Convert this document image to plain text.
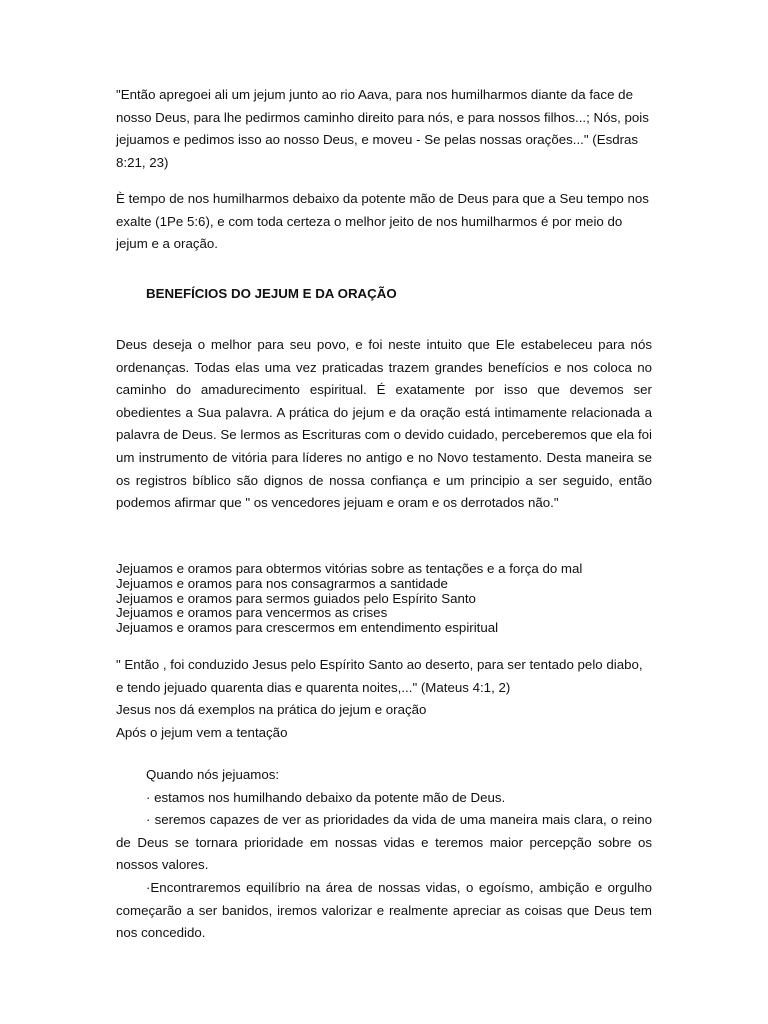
"Então apregoei ali um jejum junto ao rio Aava, para nos humilharmos diante da face de nosso Deus, para lhe pedirmos caminho direito para nós, e para nossos filhos...; Nós, pois jejuamos e pedimos isso ao nosso Deus, e moveu - Se pelas nossas orações..." (Esdras 8:21, 23)

È tempo de nos humilharmos debaixo da potente mão de Deus para que a Seu tempo nos exalte (1Pe 5:6), e com toda certeza o melhor jeito de nos humilharmos é por meio do jejum e a oração.

BENEFÍCIOS DO JEJUM E DA ORAÇÃO

Deus deseja o melhor para seu povo, e foi neste intuito que Ele estabeleceu para nós ordenanças. Todas elas uma vez praticadas trazem grandes benefícios e nos coloca no caminho do amadurecimento espiritual. É exatamente por isso que devemos ser obedientes a Sua palavra. A prática do jejum e da oração está intimamente relacionada a palavra de Deus. Se lermos as Escrituras com o devido cuidado, perceberemos que ela foi um instrumento de vitória para líderes no antigo e no Novo testamento. Desta maneira se os registros bíblico são dignos de nossa confiança e um principio a ser seguido, então podemos afirmar que " os vencedores jejuam e oram e os derrotados não."

Jejuamos e oramos para obtermos vitórias sobre as tentações e a força do mal
Jejuamos e oramos para nos consagrarmos a santidade
Jejuamos e oramos para sermos guiados pelo Espírito Santo
Jejuamos e oramos para vencermos as crises
Jejuamos e oramos para crescermos em entendimento espiritual
" Então , foi conduzido Jesus pelo Espírito Santo ao deserto, para ser tentado pelo diabo, e tendo jejuado quarenta dias e quarenta noites,..." (Mateus 4:1, 2)
Jesus nos dá exemplos na prática do jejum e oração
Após o jejum vem a tentação
Quando nós jejuamos:
· estamos nos humilhando debaixo da potente mão de Deus.
· seremos capazes de ver as prioridades da vida de uma maneira mais clara, o reino de Deus se tornara prioridade em nossas vidas e teremos maior percepção sobre os nossos valores.
·Encontraremos equilíbrio na área de nossas vidas, o egoísmo, ambição e orgulho começarão a ser banidos, iremos valorizar e realmente apreciar as coisas que Deus tem nos concedido.
